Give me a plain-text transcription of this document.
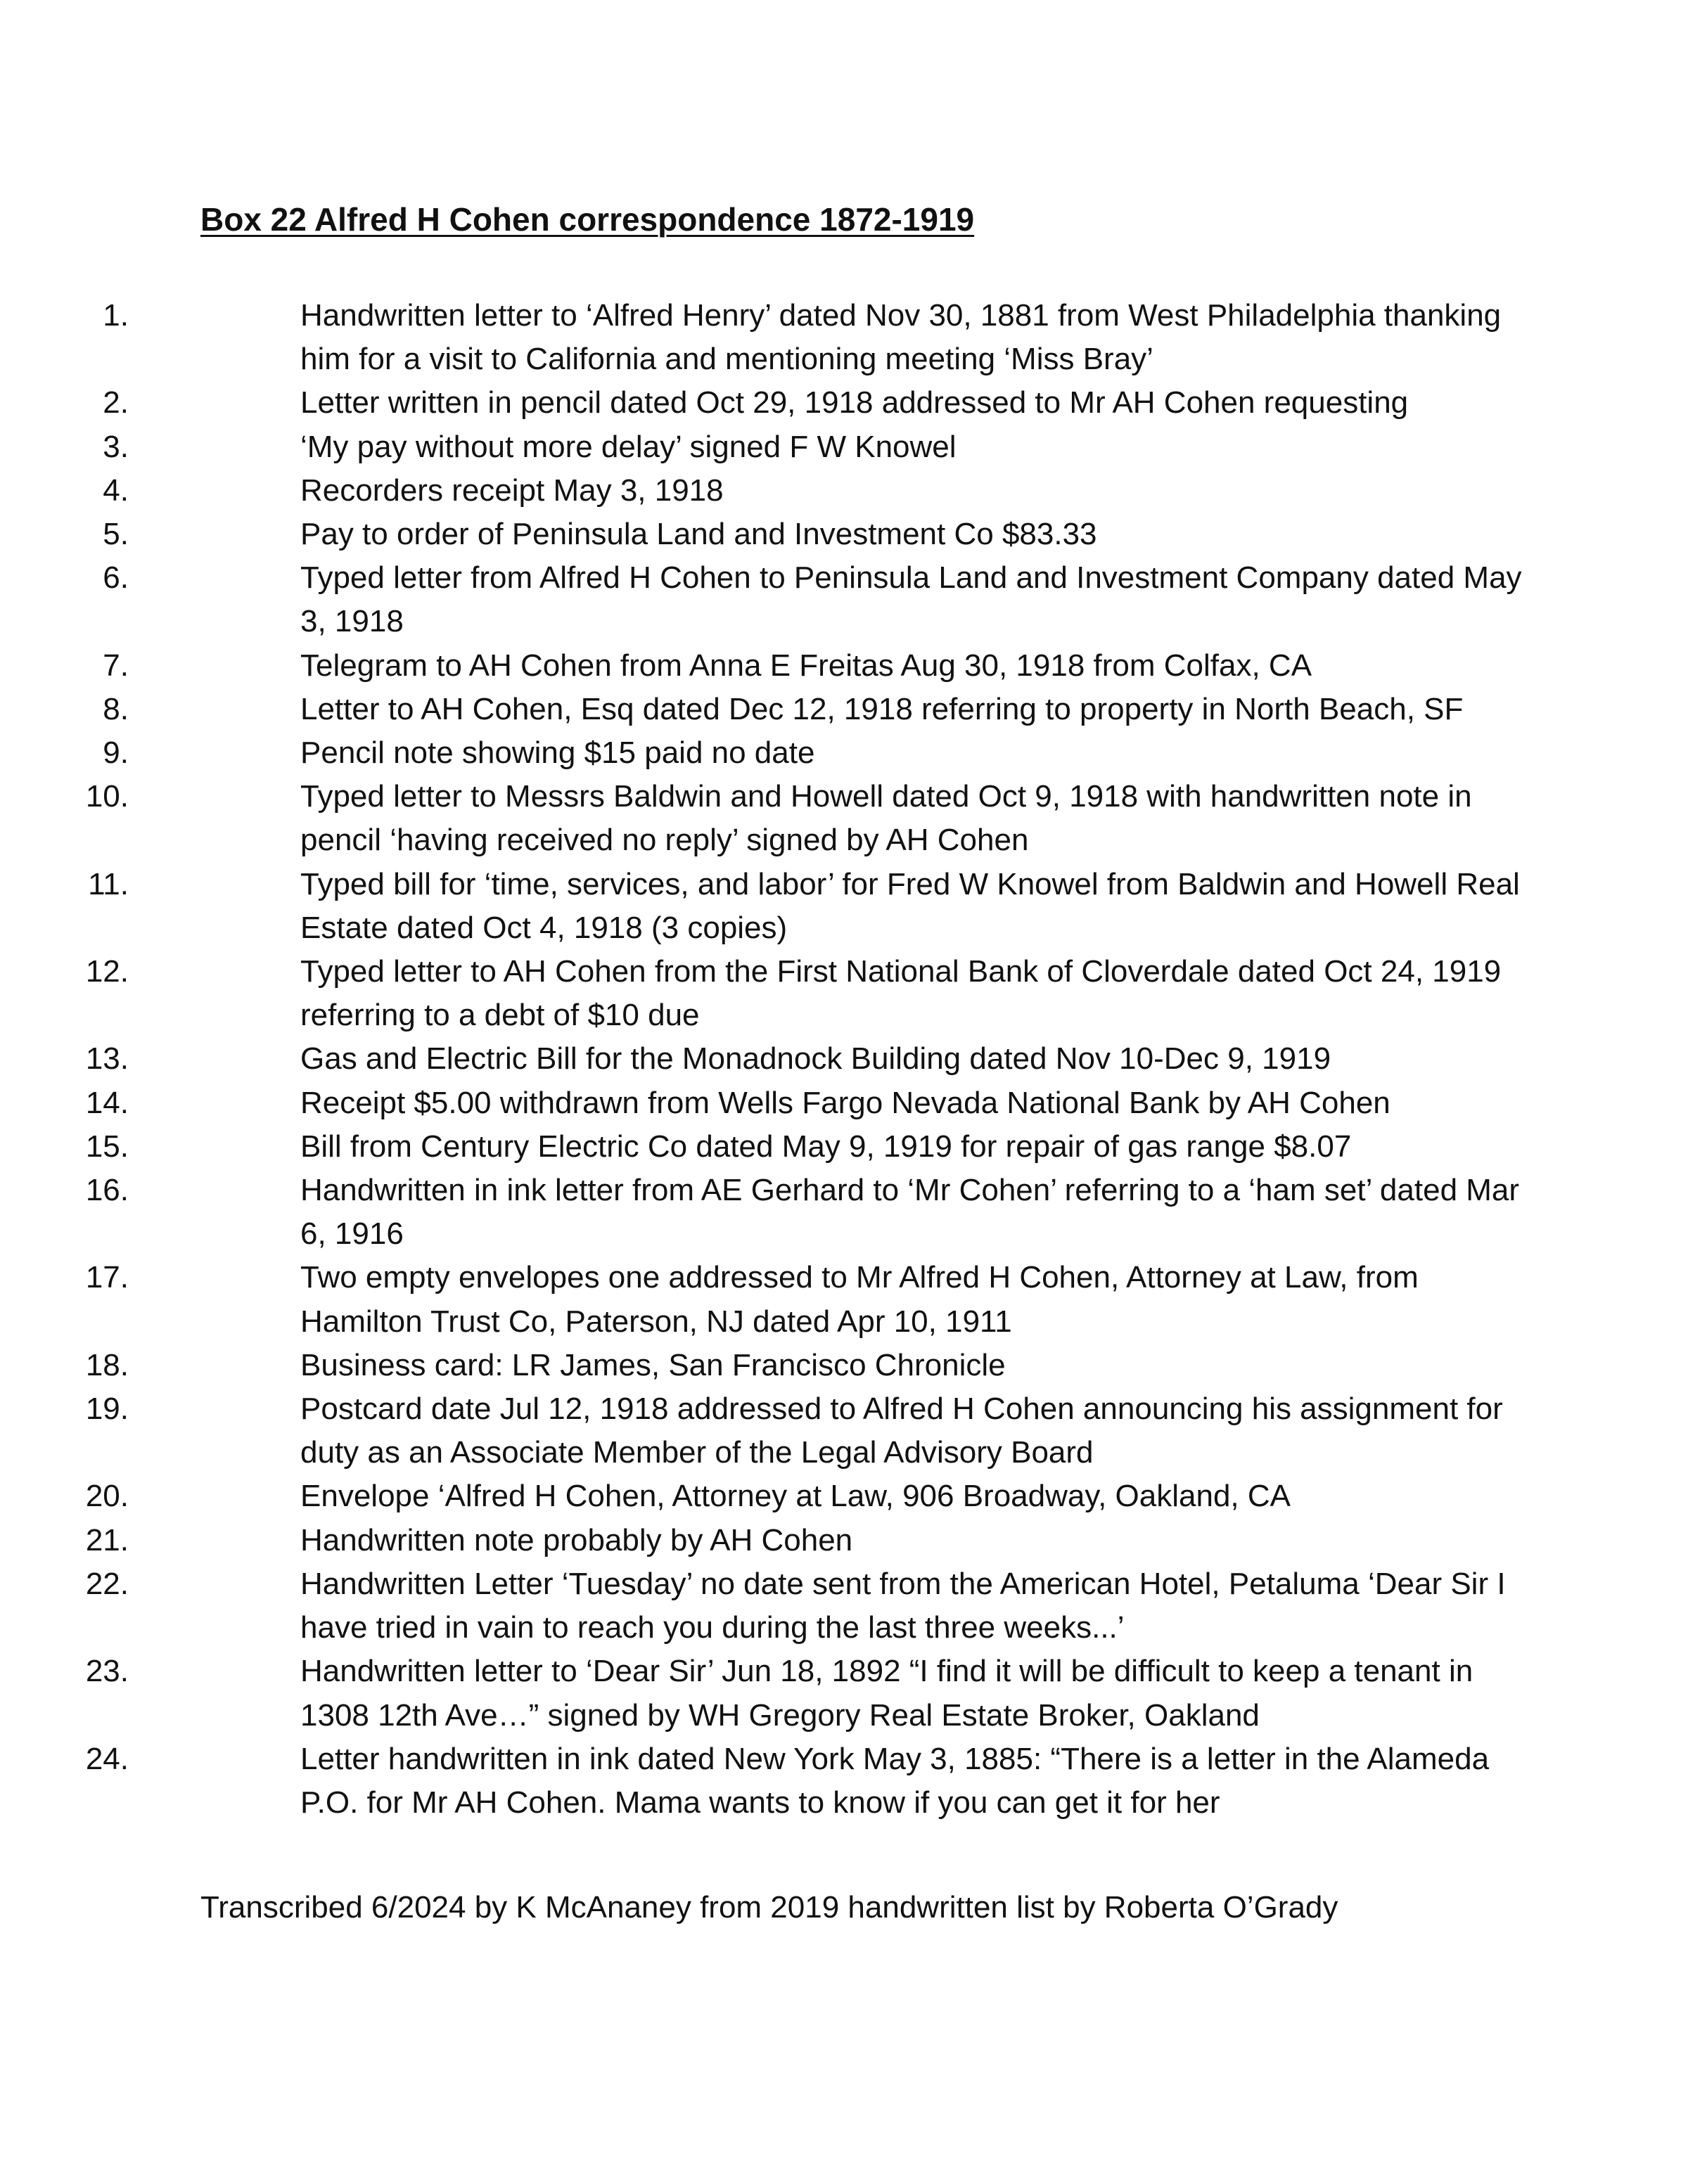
Box 22 Alfred H Cohen correspondence 1872-1919
1.	Handwritten letter to ‘Alfred Henry’ dated Nov 30, 1881 from West Philadelphia thanking him for a visit to California and mentioning meeting ‘Miss Bray’
2.	Letter written in pencil dated Oct 29, 1918 addressed to Mr AH Cohen requesting
3.	‘My pay without more delay’ signed F W Knowel
4.	Recorders receipt May 3, 1918
5.	Pay to order of Peninsula Land and Investment Co $83.33
6.	Typed letter from Alfred H Cohen to Peninsula Land and Investment Company dated May 3, 1918
7.	Telegram to AH Cohen from Anna E Freitas Aug 30, 1918 from Colfax, CA
8.	Letter to AH Cohen, Esq dated Dec 12, 1918 referring to property in North Beach, SF
9.	Pencil note showing $15 paid no date
10.	Typed letter to Messrs Baldwin and Howell dated Oct 9, 1918 with handwritten note in pencil ‘having received no reply’ signed by AH Cohen
11.	Typed bill for ‘time, services, and labor’ for Fred W Knowel from Baldwin and Howell Real Estate dated Oct 4, 1918 (3 copies)
12.	Typed letter to AH Cohen from the First National Bank of Cloverdale dated Oct 24, 1919 referring to a debt of $10 due
13.	Gas and Electric Bill for the Monadnock Building dated Nov 10-Dec 9, 1919
14.	Receipt $5.00 withdrawn from Wells Fargo Nevada National Bank by AH Cohen
15.	Bill from Century Electric Co dated May 9, 1919 for repair of gas range $8.07
16.	Handwritten in ink letter from AE Gerhard to ‘Mr Cohen’ referring to a ‘ham set’ dated Mar 6, 1916
17.	Two empty envelopes one addressed to Mr Alfred H Cohen, Attorney at Law, from Hamilton Trust Co, Paterson, NJ dated Apr 10, 1911
18.	Business card: LR James, San Francisco Chronicle
19.	Postcard date Jul 12, 1918 addressed to Alfred H Cohen announcing his assignment for duty as an Associate Member of the Legal Advisory Board
20.	Envelope ‘Alfred H Cohen, Attorney at Law, 906 Broadway, Oakland, CA
21.	Handwritten note probably by AH Cohen
22.	Handwritten Letter ‘Tuesday’ no date sent from the American Hotel, Petaluma ‘Dear Sir I have tried in vain to reach you during the last three weeks...’
23.	Handwritten letter to ‘Dear Sir’ Jun 18, 1892 “I find it will be difficult to keep a tenant in 1308 12th Ave…” signed by WH Gregory Real Estate Broker, Oakland
24.	Letter handwritten in ink dated New York May 3, 1885: “There is a letter in the Alameda P.O. for Mr AH Cohen. Mama wants to know if you can get it for her
Transcribed 6/2024 by K McAnaney from 2019 handwritten list by Roberta O’Grady
